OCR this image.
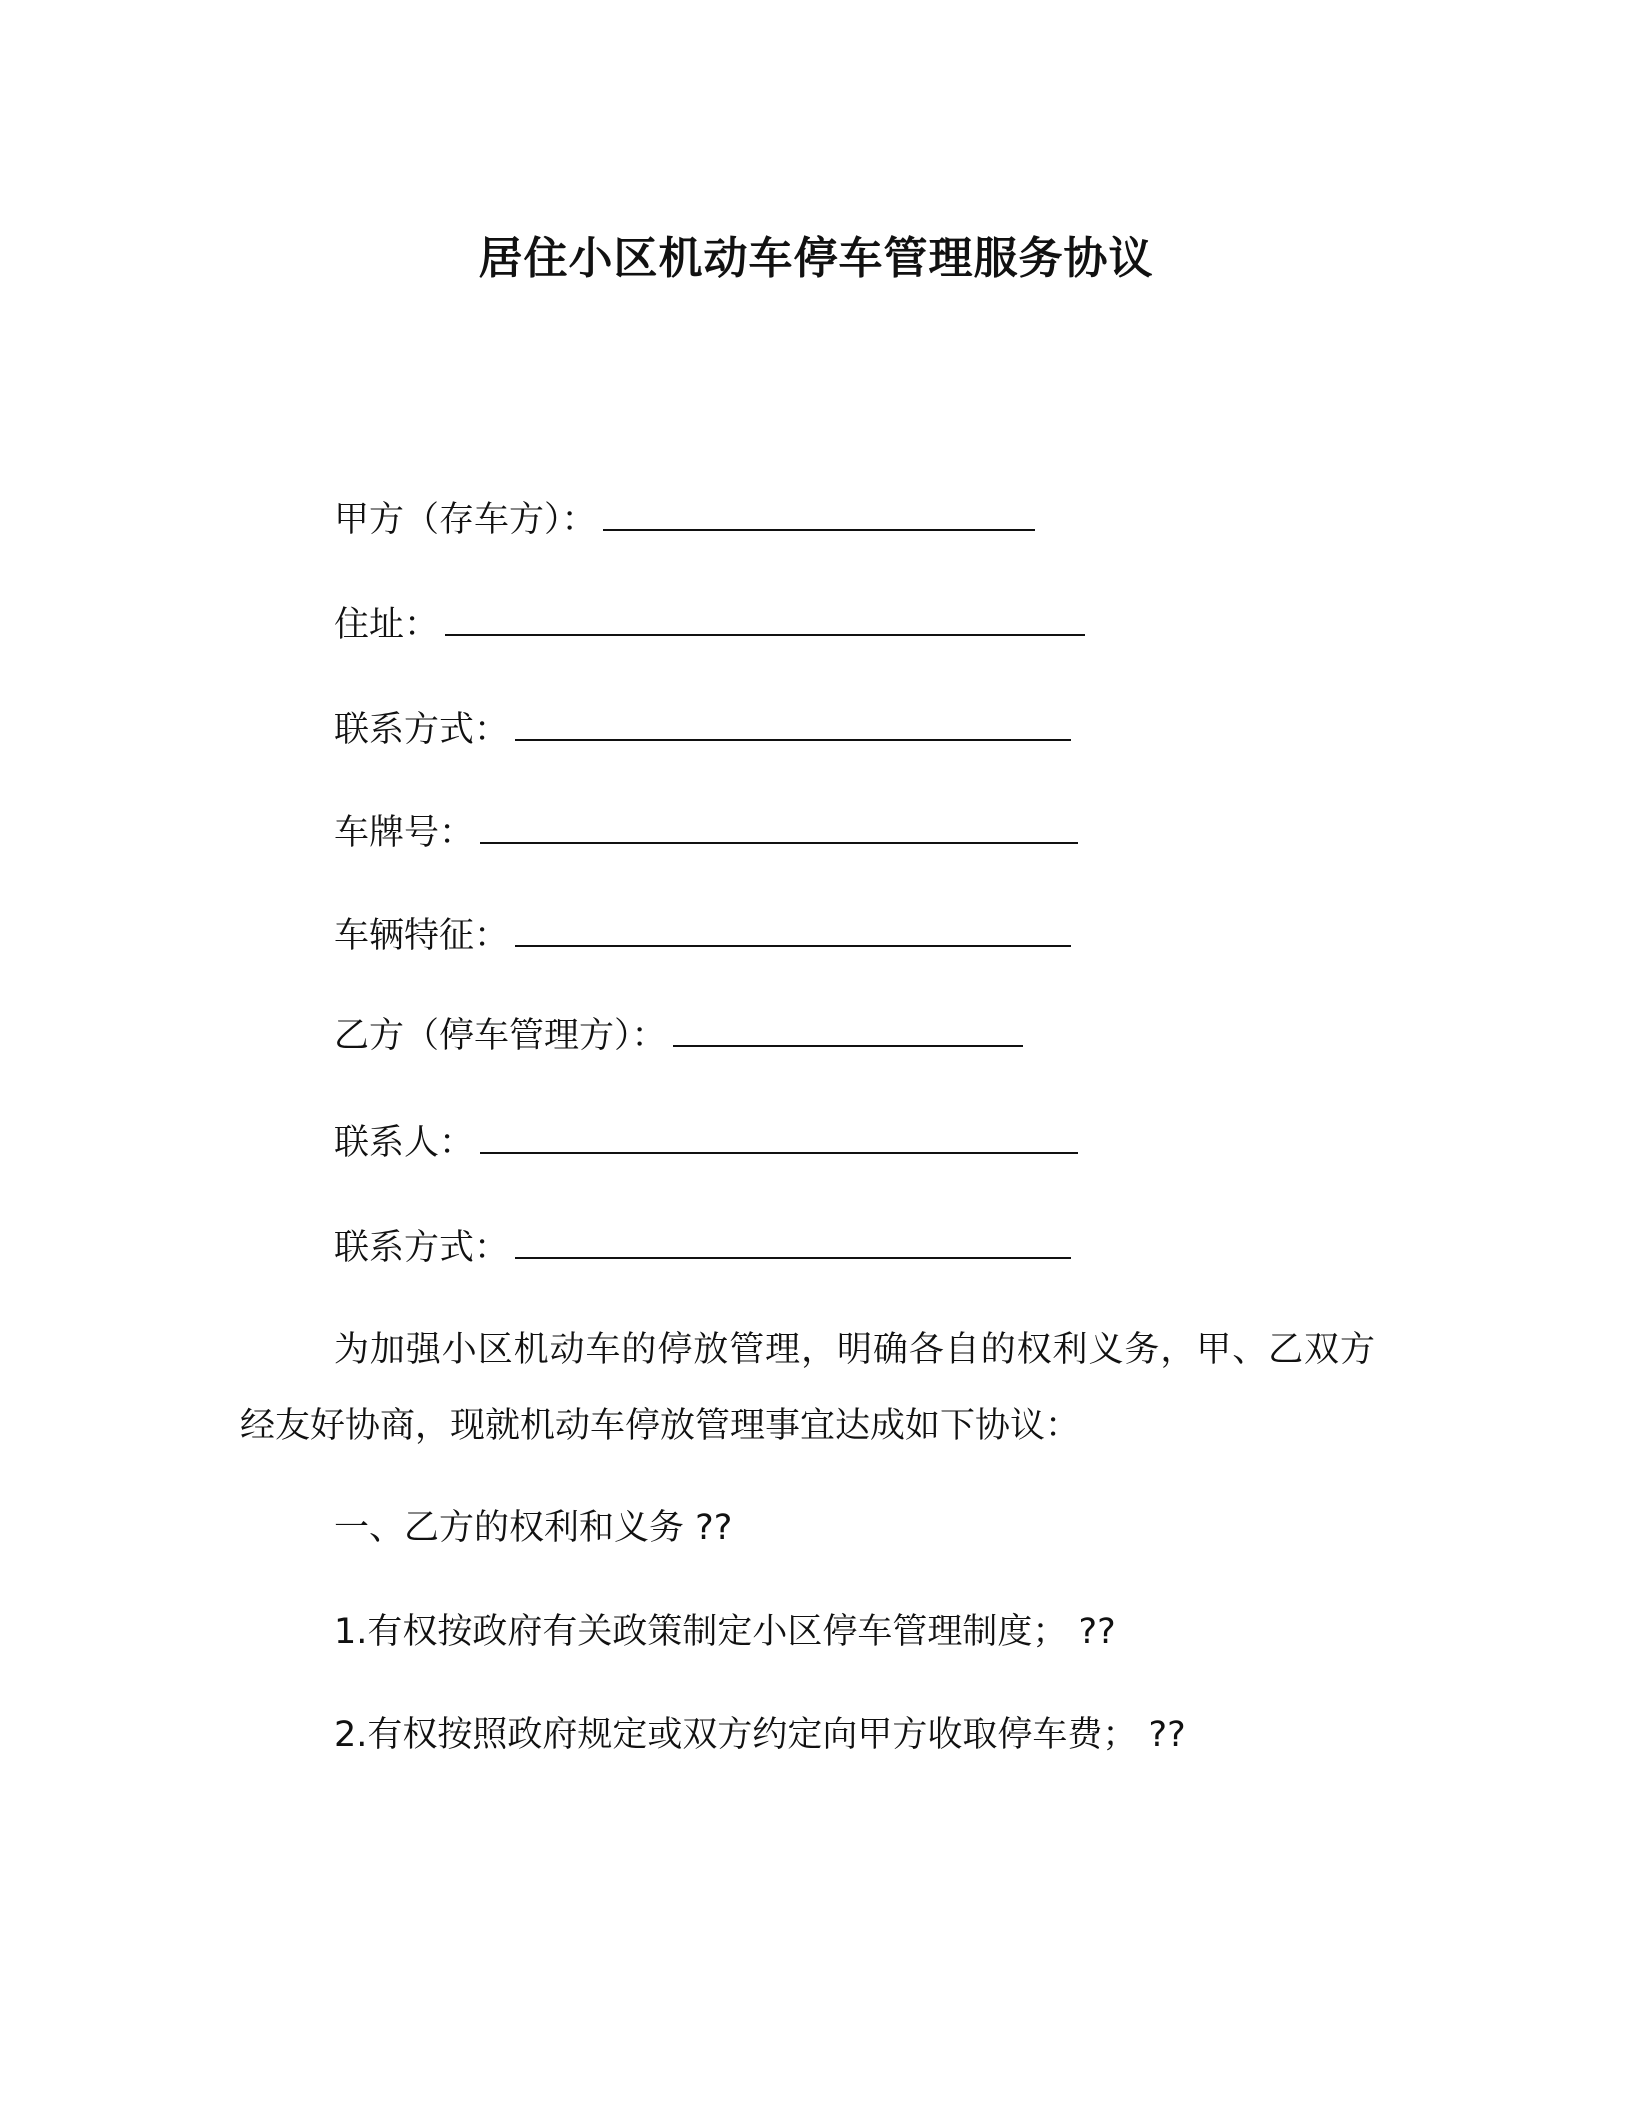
居住小区机动车停车管理服务协议
甲方（存车方）：
住址：
联系方式：
车牌号：
车辆特征：
乙方（停车管理方）：
联系人：
联系方式：
为加强小区机动车的停放管理，明确各自的权利义务，甲、乙双方经友好协商，现就机动车停放管理事宜达成如下协议：
一、乙方的权利和义务 ??
1.有权按政府有关政策制定小区停车管理制度； ??
2.有权按照政府规定或双方约定向甲方收取停车费； ??
